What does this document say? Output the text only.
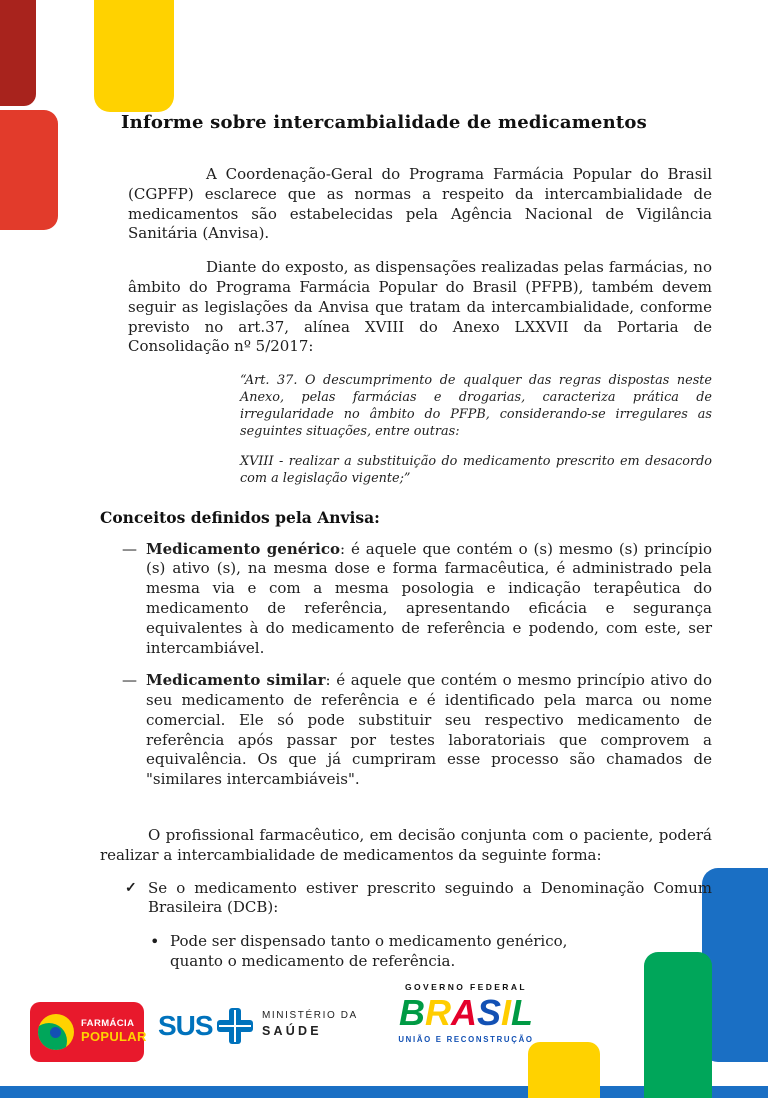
Informe sobre intercambialidade de medicamentos

A Coordenação-Geral do Programa Farmácia Popular do Brasil (CGPFP) esclarece que as normas a respeito da intercambialidade de medicamentos são estabelecidas pela Agência Nacional de Vigilância Sanitária (Anvisa).

Diante do exposto, as dispensações realizadas pelas farmácias, no âmbito do Programa Farmácia Popular do Brasil (PFPB), também devem seguir as legislações da Anvisa que tratam da intercambialidade, conforme previsto no art.37, alínea XVIII do Anexo LXXVII da Portaria de Consolidação nº 5/2017:

“Art. 37. O descumprimento de qualquer das regras dispostas neste Anexo, pelas farmácias e drogarias, caracteriza prática de irregularidade no âmbito do PFPB, considerando-se irregulares as seguintes situações, entre outras:

XVIII - realizar a substituição do medicamento prescrito em desacordo com a legislação vigente;”

Conceitos definidos pela Anvisa:
— Medicamento genérico: é aquele que contém o (s) mesmo (s) princípio (s) ativo (s), na mesma dose e forma farmacêutica, é administrado pela mesma via e com a mesma posologia e indicação terapêutica do medicamento de referência, apresentando eficácia e segurança equivalentes à do medicamento de referência e podendo, com este, ser intercambiável.
— Medicamento similar: é aquele que contém o mesmo princípio ativo do seu medicamento de referência e é identificado pela marca ou nome comercial. Ele só pode substituir seu respectivo medicamento de referência após passar por testes laboratoriais que comprovem a equivalência. Os que já cumpriram esse processo são chamados de "similares intercambiáveis".

O profissional farmacêutico, em decisão conjunta com o paciente, poderá realizar a intercambialidade de medicamentos da seguinte forma:

✓ Se o medicamento estiver prescrito seguindo a Denominação Comum Brasileira (DCB):
• Pode ser dispensado tanto o medicamento genérico, quanto o medicamento de referência.
FARMÁCIA
POPULAR SUS	MINISTÉRIO DA
SAÚDE
GOVERNO FEDERAL
BRASIL
UNIÃO E RECONSTRUÇÃO
